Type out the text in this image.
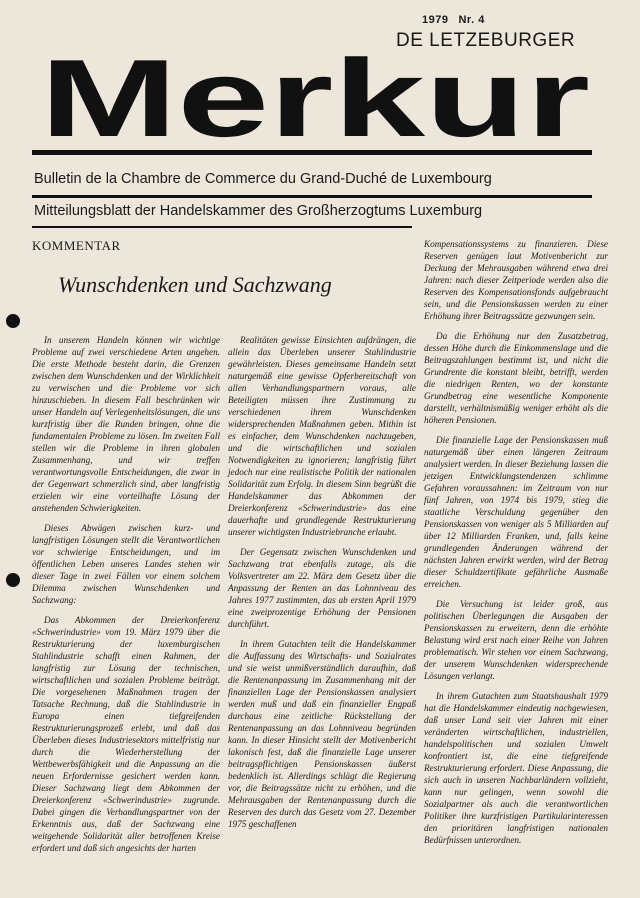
1979 Nr. 4
DE LETZEBURGER
Merkur
Bulletin de la Chambre de Commerce du Grand-Duché de Luxembourg
Mitteilungsblatt der Handelskammer des Großherzogtums Luxemburg
KOMMENTAR
Wunschdenken und Sachzwang

In unserem Handeln können wir wichtige Probleme auf zwei verschiedene Arten angehen. Die erste Methode besteht darin, die Grenzen zwischen dem Wunschdenken und der Wirklichkeit zu verwischen und die Probleme vor sich hinzuschieben. In diesem Fall beschränken wir unser Handeln auf Verlegenheitslösungen, die uns kurzfristig über die Runden bringen, ohne die fundamentalen Probleme zu lösen. Im zweiten Fall stellen wir die Probleme in ihren globalen Zusammenhang, und wir treffen verantwortungsvolle Entscheidungen, die zwar in der Gegenwart schmerzlich sind, aber langfristig erzielen wir eine vorteilhafte Lösung der anstehenden Schwierigkeiten.

Dieses Abwägen zwischen kurz- und langfristigen Lösungen stellt die Verantwortlichen vor schwierige Entscheidungen, und im öffentlichen Leben unseres Landes stehen wir dieser Tage in zwei Fällen vor einem solchem Dilemma zwischen Wunschdenken und Sachzwang:

Das Abkommen der Dreierkonferenz «Schwerindustrie» vom 19. März 1979 über die Restrukturierung der luxemburgischen Stahlindustrie schafft einen Rahmen, der langfristig zur Lösung der technischen, wirtschaftlichen und sozialen Probleme beiträgt. Die vorgesehenen Maßnahmen tragen der Tatsache Rechnung, daß die Stahlindustrie in Europa einen tiefgreifenden Restrukturierungsprozeß erlebt, und daß das Überleben dieses Industriesektors mittelfristig nur durch die Wiederherstellung der Wettbewerbsfähigkeit und die Anpassung an die neuen Erfordernisse gesichert werden kann. Dieser Sachzwang liegt dem Abkommen der Dreierkonferenz «Schwerindustrie» zugrunde. Dabei gingen die Verhandlungspartner von der Erkenntnis aus, daß der Sachzwang eine weitgehende Solidarität aller betroffenen Kreise erfordert und daß sich angesichts der harten

Realitäten gewisse Einsichten aufdrängen, die allein das Überleben unserer Stahlindustrie gewährleisten. Dieses gemeinsame Handeln setzt naturgemäß eine gewisse Opferbereitschaft von allen Verhandlungspartnern voraus, alle Beteiligten müssen ihre Zustimmung zu verschiedenen ihrem Wunschdenken widersprechenden Maßnahmen geben. Mithin ist es einfacher, dem Wunschdenken nachzugeben, und die wirtschaftlichen und sozialen Notwendigkeiten zu ignorieren; langfristig führt jedoch nur eine realistische Politik der nationalen Solidarität zum Erfolg. In diesem Sinn begrüßt die Handelskammer das Abkommen der Dreierkonferenz «Schwerindustrie» das eine dauerhafte und grundlegende Restrukturierung unserer wichtigsten Industriebranche erlaubt.

Der Gegensatz zwischen Wunschdenken und Sachzwang trat ebenfalls zutage, als die Volksvertreter am 22. März dem Gesetz über die Anpassung der Renten an das Lohnniveau des Jahres 1977 zustimmten, das ab ersten April 1979 eine zweiprozentige Erhöhung der Pensionen durchführt.

In ihrem Gutachten teilt die Handelskammer die Auffassung des Wirtschafts- und Sozialrates und sie weist unmißverständlich daraufhin, daß die Rentenanpassung im Zusammenhang mit der finanziellen Lage der Pensionskassen analysiert werden muß und daß ein finanzieller Engpaß durchaus eine zeitliche Rückstellung der Rentenanpassung an das Lohnniveau begründen kann. In dieser Hinsicht stellt der Motivenbericht lakonisch fest, daß die finanzielle Lage unserer beitragspflichtigen Pensionskassen äußerst bedenklich ist. Allerdings schlägt die Regierung vor, die Beitragssätze nicht zu erhöhen, und die Mehrausgaben der Rentenanpassung durch die Reserven des durch das Gesetz vom 27. Dezember 1975 geschaffenen

Kompensationssystems zu finanzieren. Diese Reserven genügen laut Motivenbericht zur Deckung der Mehrausgaben während etwa drei Jahren: nach dieser Zeitperiode werden also die Reserven des Kompensationsfonds aufgebraucht sein, und die Pensionskassen werden zu einer Erhöhung ihrer Beitragssätze gezwungen sein.

Da die Erhöhung nur den Zusatzbetrag, dessen Höhe durch die Einkommenslage und die Beitragszahlungen bestimmt ist, und nicht die Grundrente die konstant bleibt, betrifft, werden die niedrigen Renten, wo der konstante Grundbetrag eine wesentliche Komponente darstellt, verhältnismäßig weniger erhöht als die höheren Pensionen.

Die finanzielle Lage der Pensionskassen muß naturgemäß über einen längeren Zeitraum analysiert werden. In dieser Beziehung lassen die jetzigen Entwicklungstendenzen schlimme Gefahren voraussahnen: im Zeitraum von nur fünf Jahren, von 1974 bis 1979, stieg die staatliche Verschuldung gegenüber den Pensionskassen von weniger als 5 Milliarden auf über 12 Milliarden Franken, und, falls keine grundlegenden Änderungen während der nächsten Jahren erwirkt werden, wird der Betrag dieser Schuldzertifikate gefährliche Ausmaße erreichen.

Die Versuchung ist leider groß, aus politischen Überlegungen die Ausgaben der Pensionskassen zu erweitern, denn die erhöhte Belastung wird erst nach einer Reihe von Jahren problematisch. Wir stehen vor einem Sachzwang, der unserem Wunschdenken widersprechende Lösungen verlangt.

In ihrem Gutachten zum Staatshaushalt 1979 hat die Handelskammer eindeutig nachgewiesen, daß unser Land seit vier Jahren mit einer veränderten wirtschaftlichen, industriellen, handelspolitischen und sozialen Umwelt konfrontiert ist, die eine tiefgreifende Restrukturierung erfordert. Diese Anpassung, die sich auch in unseren Nachbarländern vollzieht, kann nur gelingen, wenn sowohl die Sozialpartner als auch die verantwortlichen Politiker ihre kurzfristigen Partikularinteressen den prioritären langfristigen nationalen Bedürfnissen unterordnen.
